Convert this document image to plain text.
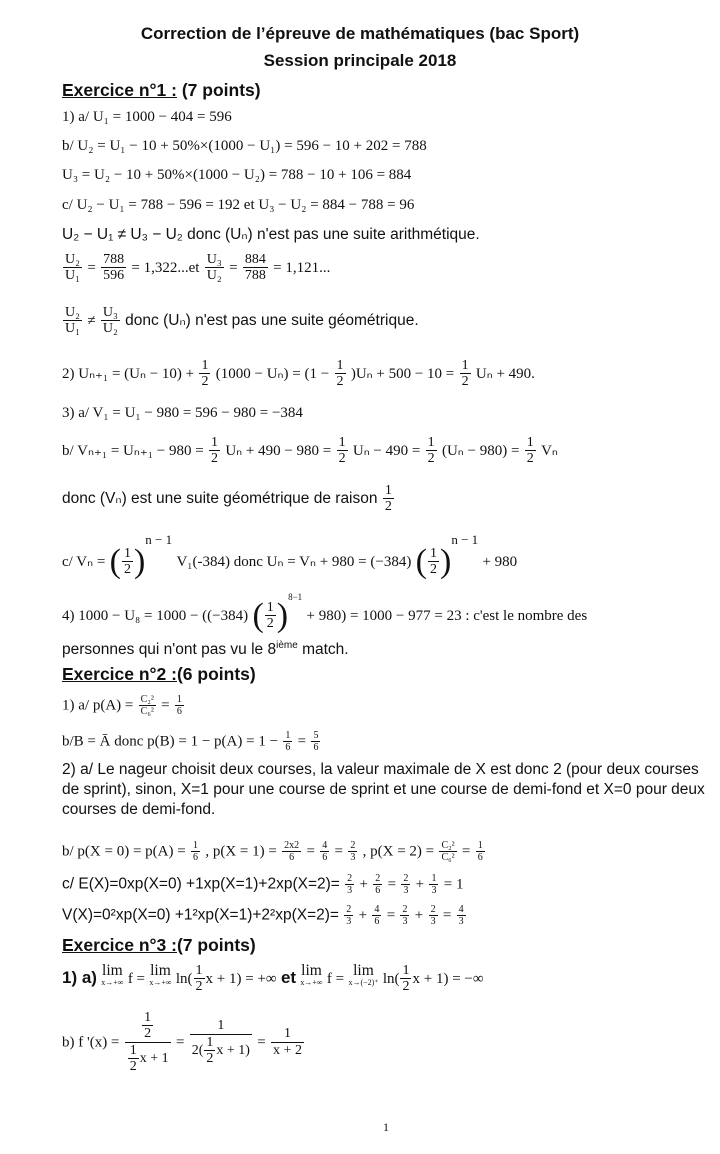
Correction de l’épreuve de mathématiques (bac Sport)
Session principale 2018
Exercice n°1 : (7 points)
1) a/ U₁ = 1000 − 404 = 596
b/ U₂ = U₁ − 10 + 50%×(1000 − U₁) = 596 − 10 + 202 = 788
U₃ = U₂ − 10 + 50%×(1000 − U₂) = 788 − 10 + 106 = 884
c/ U₂ − U₁ = 788 − 596 = 192 et U₃ − U₂ = 884 − 788 = 96
U₂ − U₁ ≠ U₃ − U₂ donc (Uₙ) n'est pas une suite arithmétique.
$\frac{\text{U₂}}{\text{U₁}} = \frac{788}{596} = 1,322...et \frac{\text{U₃}}{\text{U₂}} = \frac{884}{788} = 1,121$...
$\frac{\text{U₂}}{\text{U₁}} \ne \frac{\text{U₃}}{\text{U₂}}$ donc (Uₙ) n'est pas une suite géométrique.
2) $U_{n+1} = (U_n - 10) + \frac{1}{2} (1000 - U_n) = (1 - \frac{1}{2} )U_n + 500 - 10 = \frac{1}{2}$ Uₙ + 490.
3) a/ V₁ = U₁ − 980 = 596 − 980 = −384
b/ $V_{n+1} = U_{n+1} - 980 = \frac{1}{2}$ $U_n + 490 - 980 = \frac{1}{2}$ $U_n - 490 = \frac{1}{2} (U_n - 980) = \frac{1}{2}$ Vₙ
donc (Vₙ) est une suite géométrique de raison $\frac{1}{2}$
c/ Vₙ = ( $\frac{1}{2} )^{n - 1}$ V₁(-384) donc Uₙ = Vₙ + 980 = (−384) ( $\frac{1}{2} )^{n - 1} + 980$
4) 1000 − U₈ = 1000 − ((−384) ( $\frac{1}{2} )^{8-1} + 980) = 1000 - 977 = 23$ : c'est le nombre des
personnes qui n'ont pas vu le 8ième match.
Exercice n°2 :(6 points)
1) a/ $p(A) = \frac{\text{C₂²}}{\text{C₆²}} = \frac{1}{6}$
b/B = Ā donc $p(B) = 1 - p(A) = 1 - \frac{1}{6} = \frac{5}{6}$
2) a/ Le nageur choisit deux courses, la valeur maximale de X est donc 2 (pour deux courses de sprint), sinon, X=1 pour une course de sprint et une course de demi-fond et X=0 pour deux courses de demi-fond.
b/ $p(X = 0) = p(A) = \frac{1}{6}$ , $p(X = 1) = \frac{2x2}{6} = \frac{4}{6} = \frac{2}{3}$ , $p(X = 2) = \frac{\text{C₂²}}{\text{C₆²}} = \frac{1}{6}$
c/ $E(X)=0xp(X=0) +1xp(X=1)+2xp(X=2)= \frac{2}{3} + \frac{2}{6} = \frac{2}{3} + \frac{1}{3} = 1$
$V(X)=0^2xp(X=0) +1^2xp(X=1)+2^2xp(X=2)= \frac{2}{3} + \frac{4}{6} = \frac{2}{3} + \frac{2}{3} = \frac{4}{3}$
Exercice n°3 :(7 points)
1) a) lim
x→+∞ f = lim
x→+∞ $\ln( \frac{1}{2}$ x + 1) = +∞ et lim
x→+∞ f = lim
x→(−2)⁺ $\ln( \frac{1}{2}$ x + 1) = −∞
b) f '$(x) = \frac{\frac{1}{2}}{\frac{1}{2} x + 1} = \frac{1}{2( \frac{1}{2} x + 1)} = \frac{1}{x + 2}$
1
